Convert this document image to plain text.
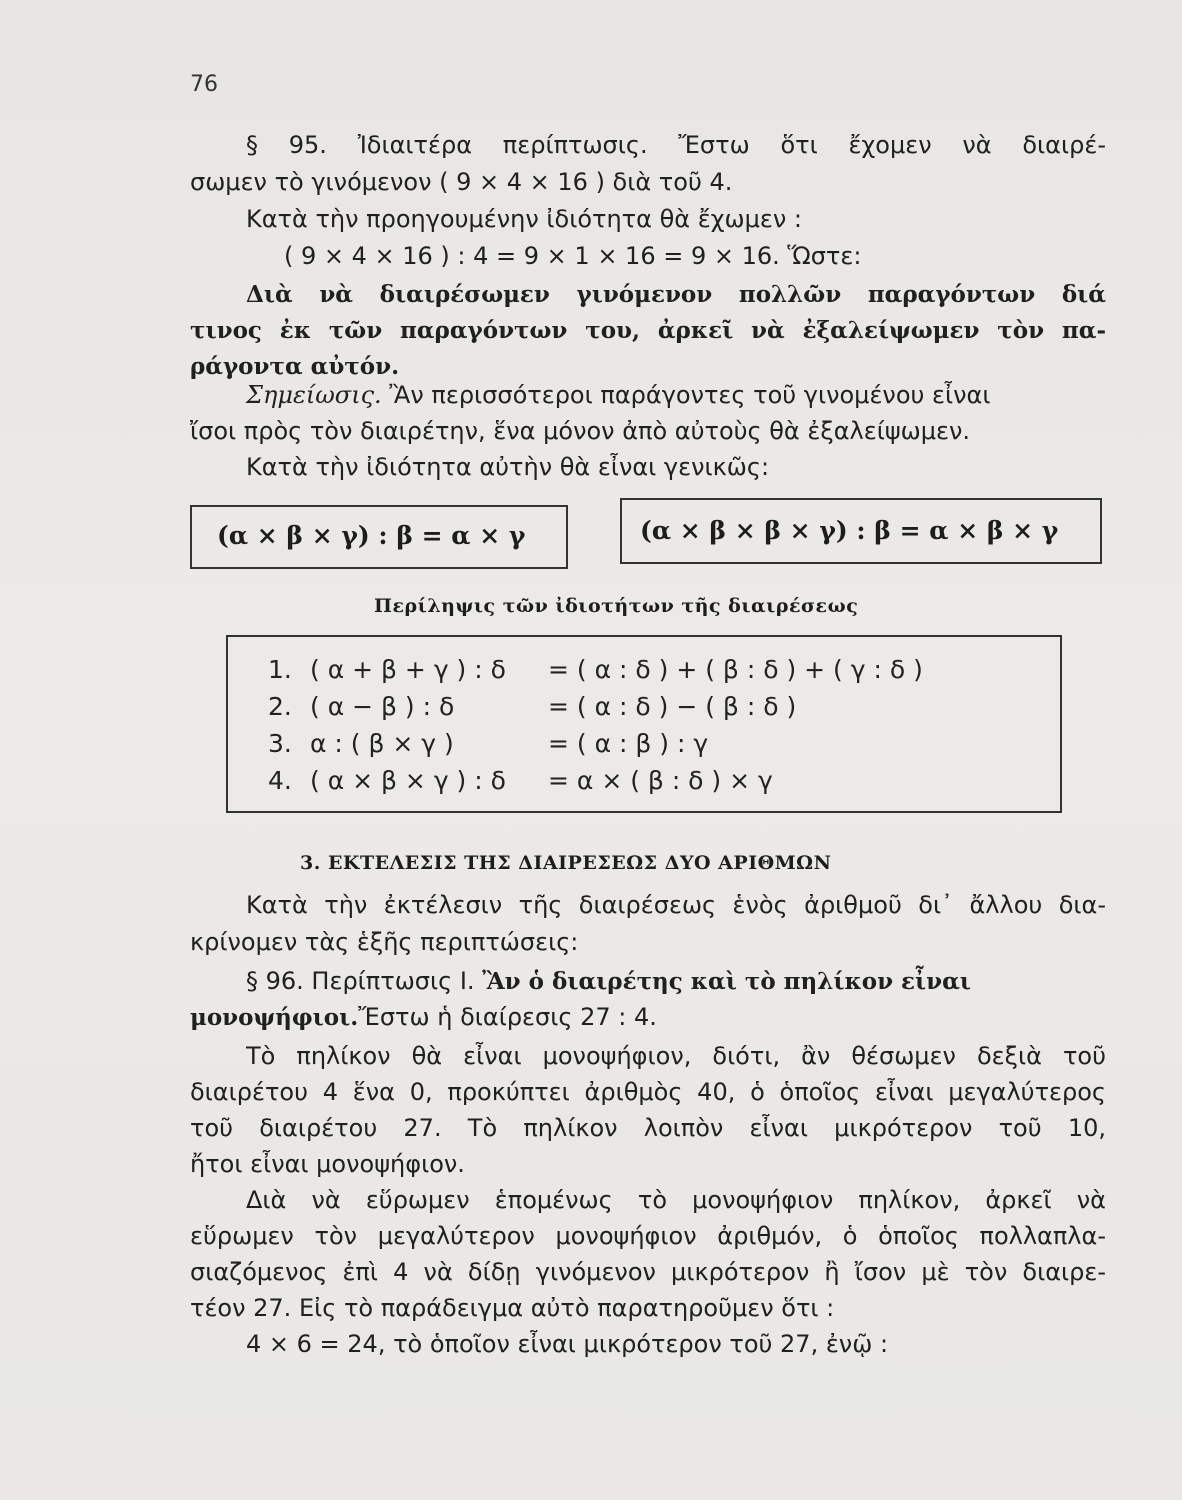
76
§ 95. Ἰδιαιτέρα περίπτωσις. Ἔστω ὅτι ἔχομεν νὰ διαιρέ-
σωμεν τὸ γινόμενον ( 9 × 4 × 16 ) διὰ τοῦ 4.
Κατὰ τὴν προηγουμένην ἰδιότητα θὰ ἔχωμεν :
( 9 × 4 × 16 ) : 4 = 9 × 1 × 16 = 9 × 16. Ὥστε:
Διὰ νὰ διαιρέσωμεν γινόμενον πολλῶν παραγόντων διά
τινος ἐκ τῶν παραγόντων του, ἀρκεῖ νὰ ἐξαλείψωμεν τὸν πα-
ράγοντα αὐτόν.
Σημείωσις. Ἂν περισσότεροι παράγοντες τοῦ γινομένου εἶναι
ἴσοι πρὸς τὸν διαιρέτην, ἕνα μόνον ἀπὸ αὐτοὺς θὰ ἐξαλείψωμεν.
Κατὰ τὴν ἰδιότητα αὐτὴν θὰ εἶναι γενικῶς:
(α × β × γ) : β = α × γ	(α × β × β × γ) : β = α × β × γ
Περίληψις τῶν ἰδιοτήτων τῆς διαιρέσεως
1. ( α + β + γ ) : δ = ( α : δ ) + ( β : δ ) + ( γ : δ )
2. ( α − β ) : δ	= ( α : δ ) − ( β : δ )
3. α : ( β × γ )	= ( α : β ) : γ
4. ( α × β × γ ) : δ = α × ( β : δ ) × γ
3. ΕΚΤΕΛΕΣΙΣ ΤΗΣ ΔΙΑΙΡΕΣΕΩΣ ΔΥΟ ΑΡΙΘΜΩΝ
Κατὰ τὴν ἐκτέλεσιν τῆς διαιρέσεως ἑνὸς ἀριθμοῦ δι᾽ ἄλλου δια-
κρίνομεν τὰς ἑξῆς περιπτώσεις:
§ 96. Περίπτωσις Ι. Ἂν ὁ διαιρέτης καὶ τὸ πηλίκον εἶναι
μονοψήφιοι.Ἔστω ἡ διαίρεσις 27 : 4.
Τὸ πηλίκον θὰ εἶναι μονοψήφιον, διότι, ἂν θέσωμεν δεξιὰ τοῦ
διαιρέτου 4 ἕνα 0, προκύπτει ἀριθμὸς 40, ὁ ὁποῖος εἶναι μεγαλύτερος
τοῦ διαιρέτου 27. Τὸ πηλίκον λοιπὸν εἶναι μικρότερον τοῦ 10,
ἤτοι εἶναι μονοψήφιον.
Διὰ νὰ εὕρωμεν ἑπομένως τὸ μονοψήφιον πηλίκον, ἀρκεῖ νὰ
εὕρωμεν τὸν μεγαλύτερον μονοψήφιον ἀριθμόν, ὁ ὁποῖος πολλαπλα-
σιαζόμενος ἐπὶ 4 νὰ δίδῃ γινόμενον μικρότερον ἢ ἴσον μὲ τὸν διαιρε-
τέον 27. Εἰς τὸ παράδειγμα αὐτὸ παρατηροῦμεν ὅτι :
4 × 6 = 24, τὸ ὁποῖον εἶναι μικρότερον τοῦ 27, ἐνῷ :
